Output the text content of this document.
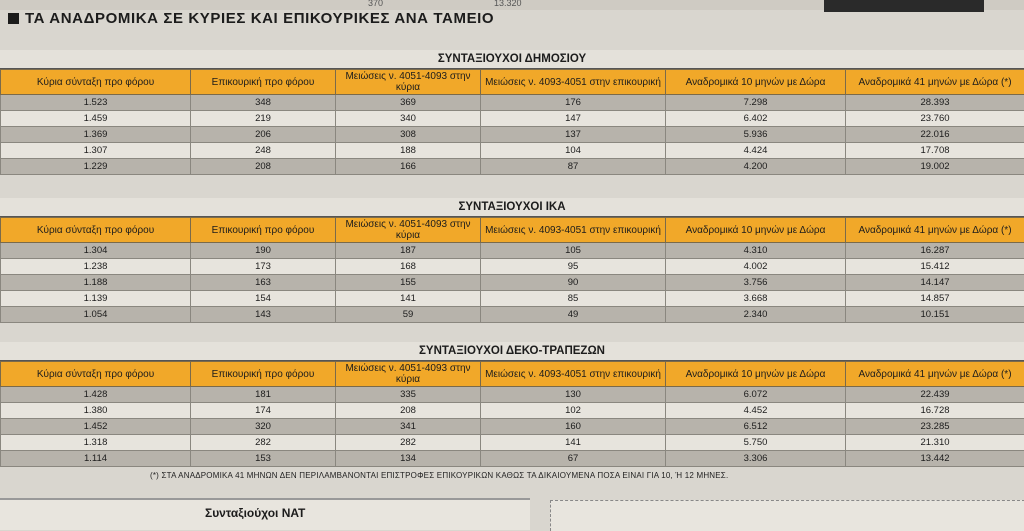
370	13.320
ΤΑ ΑΝΑΔΡΟΜΙΚΑ ΣΕ ΚΥΡΙΕΣ ΚΑΙ ΕΠΙΚΟΥΡΙΚΕΣ ΑΝΑ ΤΑΜΕΙΟ
ΣΥΝΤΑΞΙΟΥΧΟΙ ΔΗΜΟΣΙΟΥ
Κύρια σύνταξη προ φόρου	Επικουρική προ φόρου	Μειώσεις ν. 4051-4093 στην κύρια	Μειώσεις ν. 4093-4051 στην επικουρική	Αναδρομικά 10 μηνών με Δώρα	Αναδρομικά 41 μηνών με Δώρα (*)
1.523	348	369	176	7.298	28.393
1.459	219	340	147	6.402	23.760
1.369	206	308	137	5.936	22.016
1.307	248	188	104	4.424	17.708
1.229	208	166	87	4.200	19.002
ΣΥΝΤΑΞΙΟΥΧΟΙ ΙΚΑ
Κύρια σύνταξη προ φόρου	Επικουρική προ φόρου	Μειώσεις ν. 4051-4093 στην κύρια	Μειώσεις ν. 4093-4051 στην επικουρική	Αναδρομικά 10 μηνών με Δώρα	Αναδρομικά 41 μηνών με Δώρα (*)
1.304	190	187	105	4.310	16.287
1.238	173	168	95	4.002	15.412
1.188	163	155	90	3.756	14.147
1.139	154	141	85	3.668	14.857
1.054	143	59	49	2.340	10.151
ΣΥΝΤΑΞΙΟΥΧΟΙ ΔΕΚΟ-ΤΡΑΠΕΖΩΝ
Κύρια σύνταξη προ φόρου	Επικουρική προ φόρου	Μειώσεις ν. 4051-4093 στην κύρια	Μειώσεις ν. 4093-4051 στην επικουρική	Αναδρομικά 10 μηνών με Δώρα	Αναδρομικά 41 μηνών με Δώρα (*)
1.428	181	335	130	6.072	22.439
1.380	174	208	102	4.452	16.728
1.452	320	341	160	6.512	23.285
1.318	282	282	141	5.750	21.310
1.114	153	134	67	3.306	13.442
(*) ΣΤΑ ΑΝΑΔΡΟΜΙΚΑ 41 ΜΗΝΩΝ ΔΕΝ ΠΕΡΙΛΑΜΒΑΝΟΝΤΑΙ ΕΠΙΣΤΡΟΦΕΣ ΕΠΙΚΟΥΡΙΚΩΝ ΚΑΘΩΣ ΤΑ ΔΙΚΑΙΟΥΜΕΝΑ ΠΟΣΑ ΕΙΝΑΙ ΓΙΑ 10, Ή 12 ΜΗΝΕΣ.
Συνταξιούχοι ΝΑΤ
